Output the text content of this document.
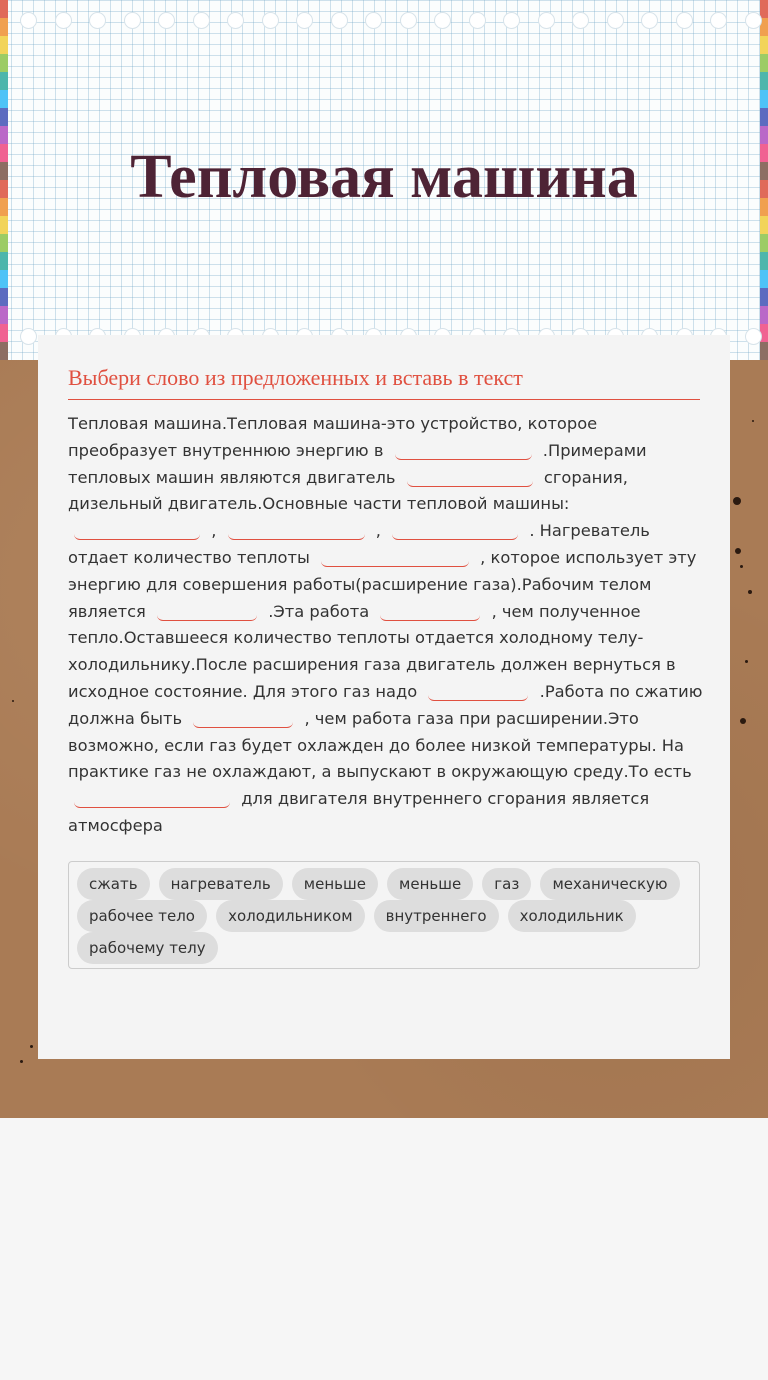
Тепловая машина
Выбери слово из предложенных и вставь в текст
Тепловая машина.Тепловая машина-это устройство, которое преобразует внутреннюю энергию в	.Примерами тепловых машин являются двигатель	сгорания, дизельный двигатель.Основные части тепловой машины:  ,	,	. Нагреватель отдает количество теплоты	, которое использует эту энергию для совершения работы(расширение газа).Рабочим телом является	.Эта работа	, чем полученное тепло.Оставшееся количество теплоты отдается холодному телу-холодильнику.После расширения газа двигатель должен вернуться в исходное состояние. Для этого газ надо	.Работа по сжатию должна быть	, чем работа газа при расширении.Это возможно, если газ будет охлажден до более низкой температуры. На практике газ не охлаждают, а выпускают в окружающую среду.То есть  для двигателя внутреннего сгорания является атмосфера
сжать нагреватель меньше меньше газ механическую
рабочее тело холодильником внутреннего холодильник
рабочему телу
